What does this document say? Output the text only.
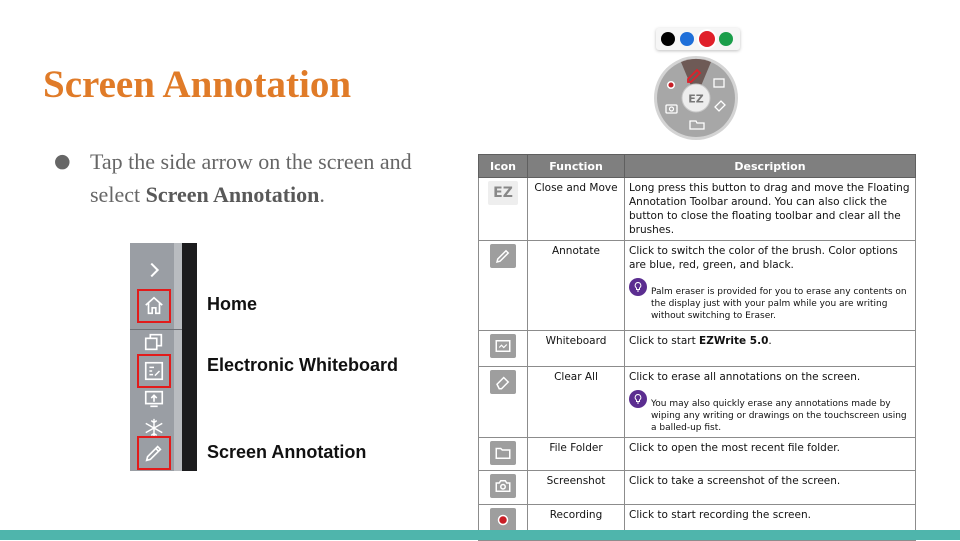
Screen Annotation
● Tap the side arrow on the screen and select Screen Annotation.
Home
Electronic Whiteboard
Screen Annotation
EZ
Icon	Function	Description

EZ	Close and Move	Long press this button to drag and move the Floating Annotation Toolbar around. You can also click the button to close the floating toolbar and clear all the brushes.

	Annotate	Click to switch the color of the brush. Color options are blue, red, green, and black.
Palm eraser is provided for you to erase any contents on the display just with your palm while you are writing without switching to Eraser.

	Whiteboard	Click to start EZWrite 5.0.

	Clear All	Click to erase all annotations on the screen.
You may also quickly erase any annotations made by wiping any writing or drawings on the touchscreen using a balled-up fist.

	File Folder	Click to open the most recent file folder.

	Screenshot	Click to take a screenshot of the screen.

	Recording	Click to start recording the screen.
